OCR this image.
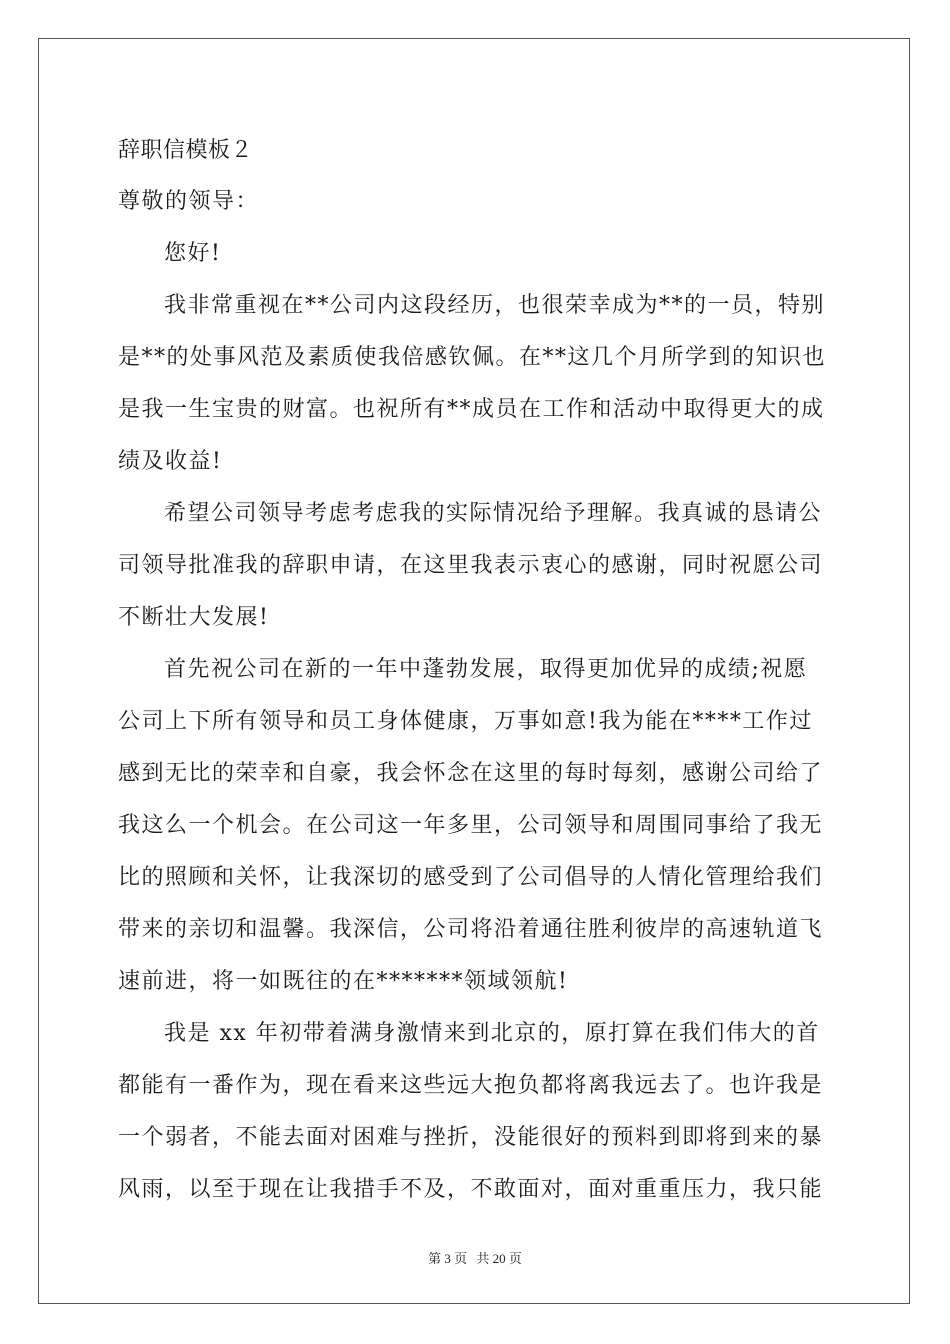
辞职信模板２
尊敬的领导：
您好!
我非常重视在**公司内这段经历，也很荣幸成为**的一员，特别
是**的处事风范及素质使我倍感钦佩。在**这几个月所学到的知识也
是我一生宝贵的财富。也祝所有**成员在工作和活动中取得更大的成
绩及收益!
希望公司领导考虑考虑我的实际情况给予理解。我真诚的恳请公
司领导批准我的辞职申请，在这里我表示衷心的感谢，同时祝愿公司
不断壮大发展!
首先祝公司在新的一年中蓬勃发展，取得更加优异的成绩;祝愿
公司上下所有领导和员工身体健康，万事如意!我为能在****工作过
感到无比的荣幸和自豪，我会怀念在这里的每时每刻，感谢公司给了
我这么一个机会。在公司这一年多里，公司领导和周围同事给了我无
比的照顾和关怀，让我深切的感受到了公司倡导的人情化管理给我们
带来的亲切和温馨。我深信，公司将沿着通往胜利彼岸的高速轨道飞
速前进，将一如既往的在*******领域领航!
我是 xx 年初带着满身激情来到北京的，原打算在我们伟大的首
都能有一番作为，现在看来这些远大抱负都将离我远去了。也许我是
一个弱者，不能去面对困难与挫折，没能很好的预料到即将到来的暴
风雨，以至于现在让我措手不及，不敢面对，面对重重压力，我只能
第 3 页 共 20 页
